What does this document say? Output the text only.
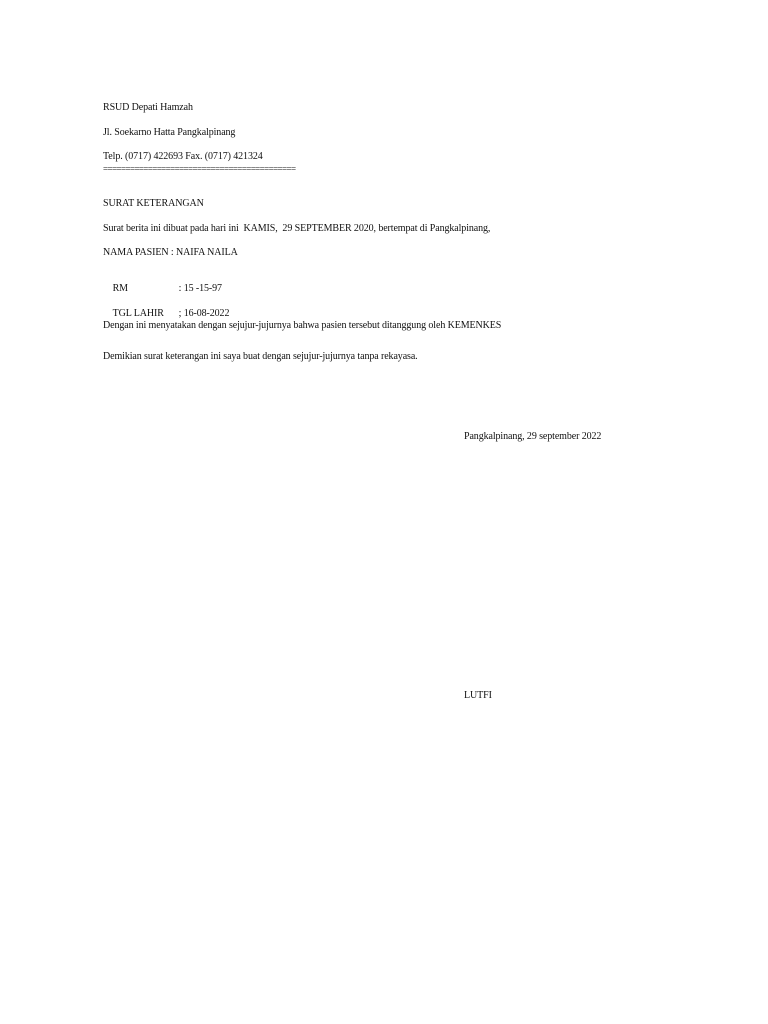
RSUD Depati Hamzah
Jl. Soekarno Hatta Pangkalpinang
Telp. (0717) 422693 Fax. (0717) 421324
===========================================
SURAT KETERANGAN
Surat berita ini dibuat pada hari ini  KAMIS,  29 SEPTEMBER 2020, bertempat di Pangkalpinang,
NAMA PASIEN : NAIFA NAILA

RM	: 15 -15-97

TGL LAHIR ; 16-08-2022

Dengan ini menyatakan dengan sejujur-jujurnya bahwa pasien tersebut ditanggung oleh KEMENKES
Demikian surat keterangan ini saya buat dengan sejujur-jujurnya tanpa rekayasa.
Pangkalpinang, 29 september 2022
LUTFI
